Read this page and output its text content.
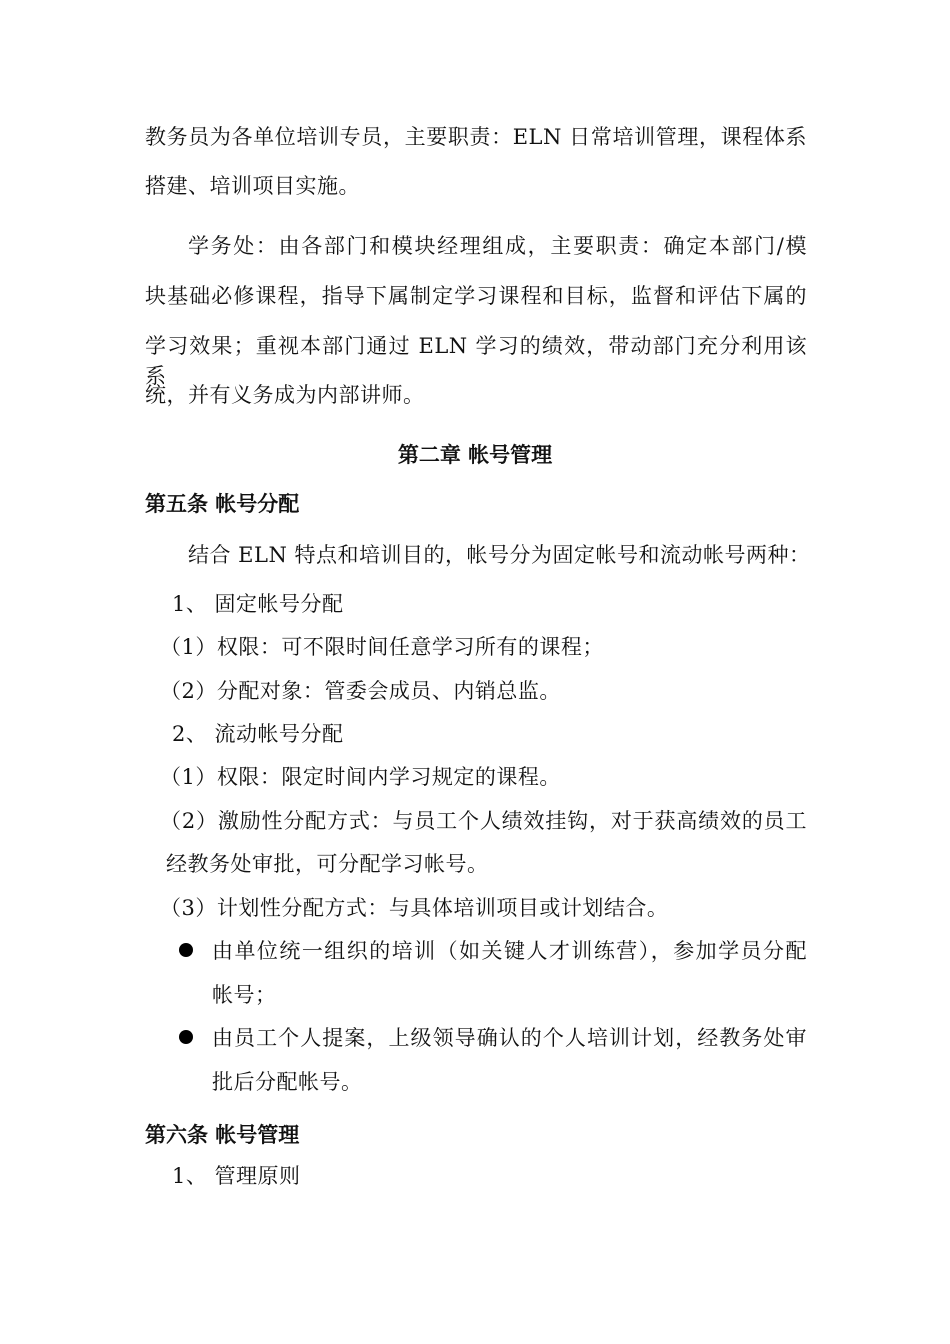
教务员为各单位培训专员，主要职责：ELN 日常培训管理，课程体系
搭建、培训项目实施。
学务处：由各部门和模块经理组成，主要职责：确定本部门/模
块基础必修课程，指导下属制定学习课程和目标，监督和评估下属的
学习效果；重视本部门通过 ELN 学习的绩效，带动部门充分利用该系
统，并有义务成为内部讲师。
第二章 帐号管理
第五条 帐号分配
结合 ELN 特点和培训目的，帐号分为固定帐号和流动帐号两种：
1、 固定帐号分配
（1）权限：可不限时间任意学习所有的课程；
（2）分配对象：管委会成员、内销总监。
2、 流动帐号分配
（1）权限：限定时间内学习规定的课程。
（2）激励性分配方式：与员工个人绩效挂钩，对于获高绩效的员工
经教务处审批，可分配学习帐号。
（3）计划性分配方式：与具体培训项目或计划结合。
由单位统一组织的培训（如关键人才训练营），参加学员分配
帐号；
由员工个人提案，上级领导确认的个人培训计划，经教务处审
批后分配帐号。
第六条 帐号管理
1、 管理原则
